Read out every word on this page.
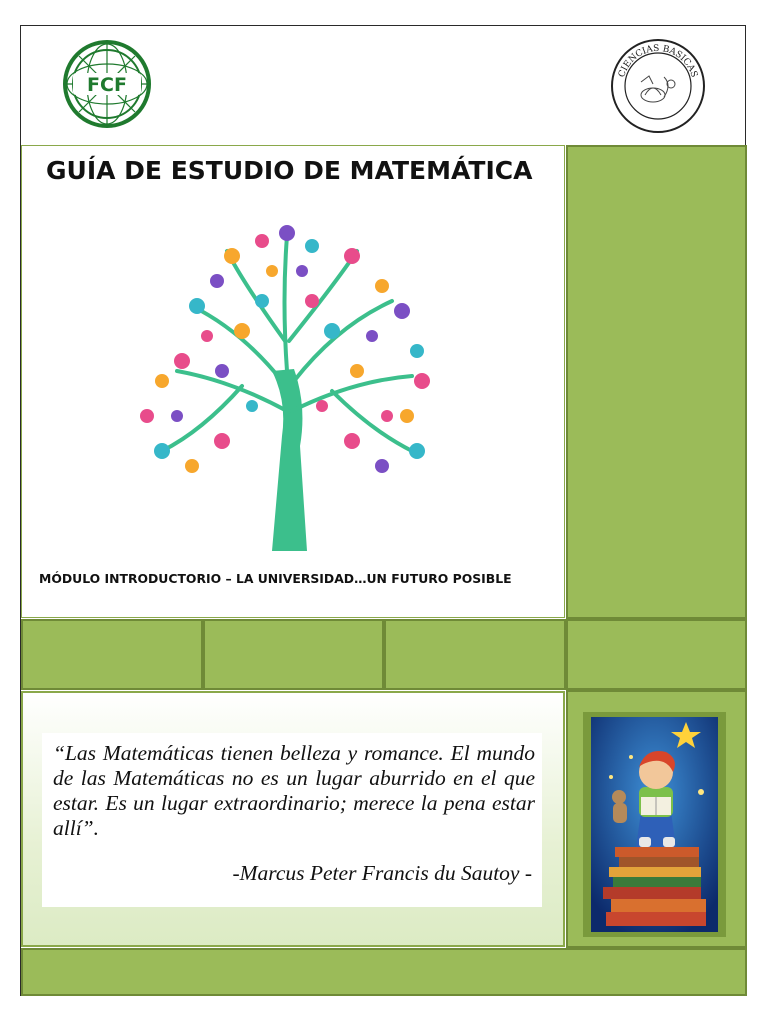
FCF
CIENCIAS BASICAS
GUÍA DE ESTUDIO DE MATEMÁTICA

MÓDULO INTRODUCTORIO – LA UNIVERSIDAD…UN FUTURO POSIBLE

“Las Matemáticas tienen belleza y romance. El mundo de las Matemáticas no es un lugar aburrido en el que estar. Es un lugar extraordinario; merece la pena estar allí”.

-Marcus Peter Francis du Sautoy -
